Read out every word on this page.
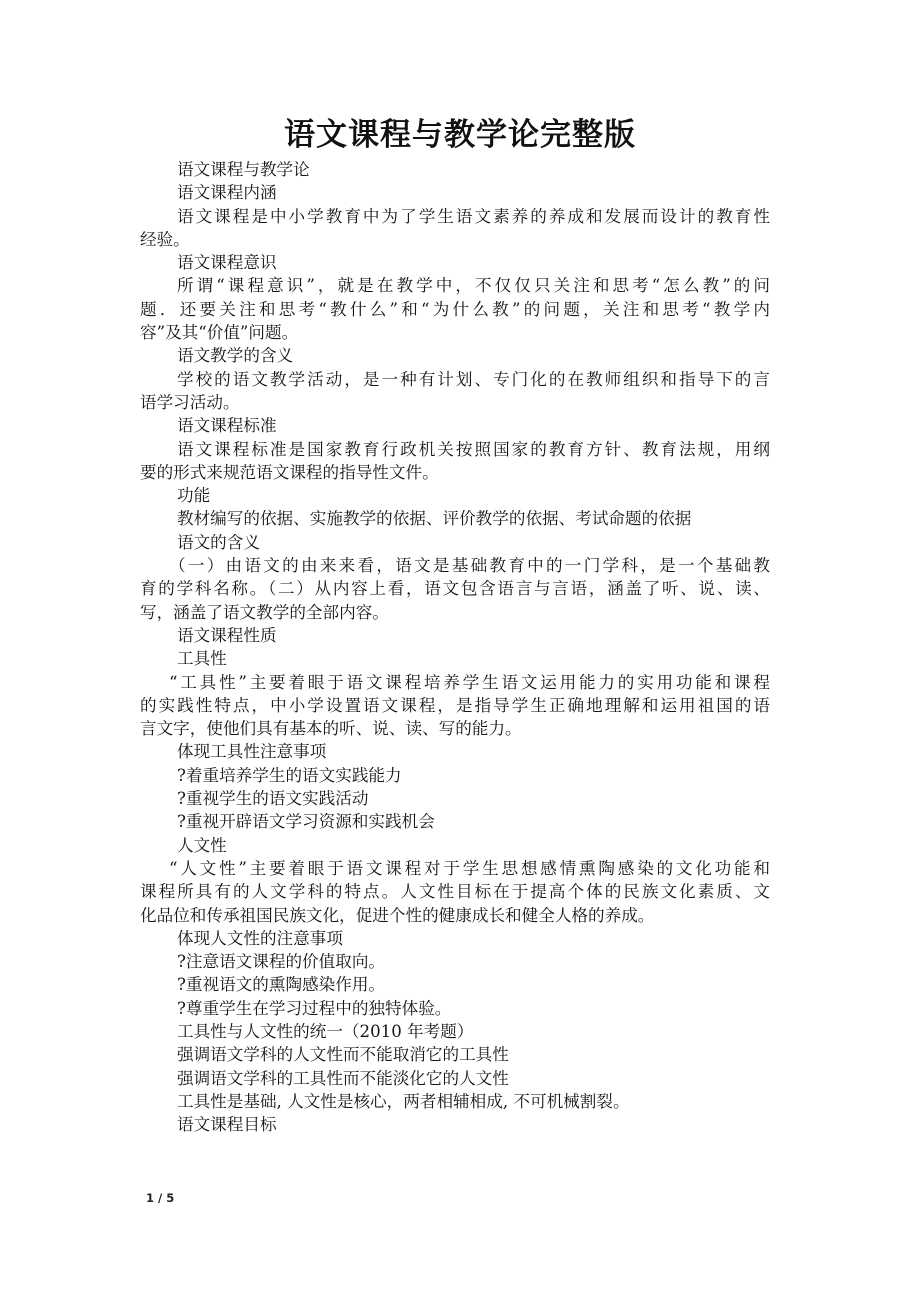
语文课程与教学论完整版
语文课程与教学论
语文课程内涵
语文课程是中小学教育中为了学生语文素养的养成和发展而设计的教育性
经验。
语文课程意识
所谓“课程意识”，就是在教学中，不仅仅只关注和思考“怎么教”的问
题．还要关注和思考“教什么”和“为什么教”的问题，关注和思考“教学内
容”及其“价值”问题。
语文教学的含义
学校的语文教学活动，是一种有计划、专门化的在教师组织和指导下的言
语学习活动。
语文课程标准
语文课程标准是国家教育行政机关按照国家的教育方针、教育法规，用纲
要的形式来规范语文课程的指导性文件。
功能
教材编写的依据、实施教学的依据、评价教学的依据、考试命题的依据
语文的含义
（一）由语文的由来来看，语文是基础教育中的一门学科，是一个基础教
育的学科名称。（二）从内容上看，语文包含语言与言语，涵盖了听、说、读、
写，涵盖了语文教学的全部内容。
语文课程性质
工具性
“工具性”主要着眼于语文课程培养学生语文运用能力的实用功能和课程
的实践性特点，中小学设置语文课程，是指导学生正确地理解和运用祖国的语
言文字，使他们具有基本的听、说、读、写的能力。
体现工具性注意事项
?着重培养学生的语文实践能力
?重视学生的语文实践活动
?重视开辟语文学习资源和实践机会
人文性
“人文性”主要着眼于语文课程对于学生思想感情熏陶感染的文化功能和
课程所具有的人文学科的特点。人文性目标在于提高个体的民族文化素质、文
化品位和传承祖国民族文化，促进个性的健康成长和健全人格的养成。
体现人文性的注意事项
?注意语文课程的价值取向。
?重视语文的熏陶感染作用。
?尊重学生在学习过程中的独特体验。
工具性与人文性的统一（2010 年考题）
强调语文学科的人文性而不能取消它的工具性
强调语文学科的工具性而不能淡化它的人文性
工具性是基础, 人文性是核心，两者相辅相成, 不可机械割裂。
语文课程目标
1 / 5
